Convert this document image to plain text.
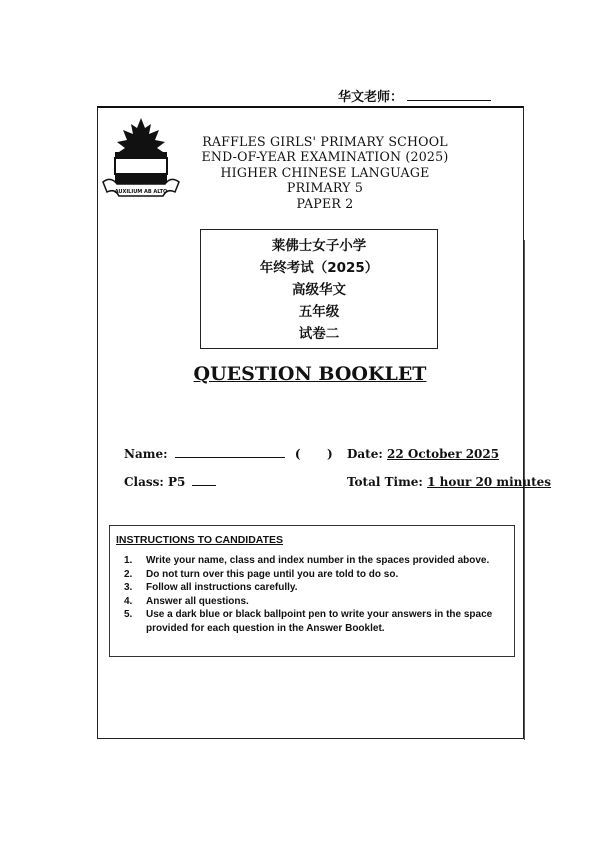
华文老师：
AUXILIUM AB ALTO
RAFFLES GIRLS' PRIMARY SCHOOL
END-OF-YEAR EXAMINATION (2025)
HIGHER CHINESE LANGUAGE
PRIMARY 5
PAPER 2
莱佛士女子小学
年终考试（2025）
高级华文
五年级
试卷二
QUESTION BOOKLET
Name:	( ) Date: 22 October 2025
Class: P5	Total Time: 1 hour 20 minutes
INSTRUCTIONS TO CANDIDATES
1.	Write your name, class and index number in the spaces provided above.
2.	Do not turn over this page until you are told to do so.
3.	Follow all instructions carefully.
4.	Answer all questions.
5.	Use a dark blue or black ballpoint pen to write your answers in the space provided for each question in the Answer Booklet.
